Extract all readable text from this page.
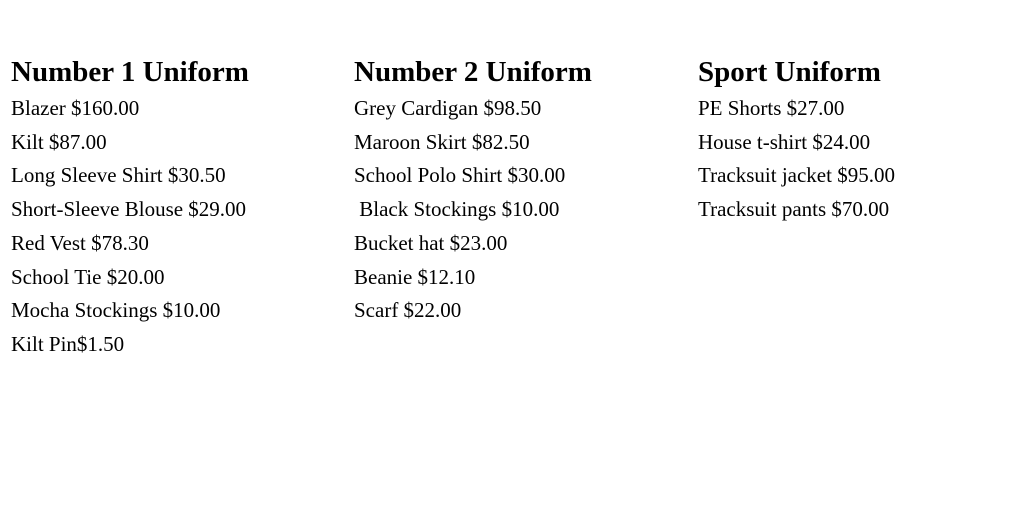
Number 1 Uniform
Blazer $160.00
Kilt $87.00
Long Sleeve Shirt $30.50
Short-Sleeve Blouse $29.00
Red Vest $78.30
School Tie $20.00
Mocha Stockings $10.00
Kilt Pin$1.50
Number 2 Uniform
Grey Cardigan $98.50
Maroon Skirt $82.50
School Polo Shirt $30.00
Black Stockings $10.00
Bucket hat $23.00
Beanie $12.10
Scarf $22.00
Sport Uniform
PE Shorts $27.00
House t-shirt $24.00
Tracksuit jacket $95.00
Tracksuit pants $70.00
